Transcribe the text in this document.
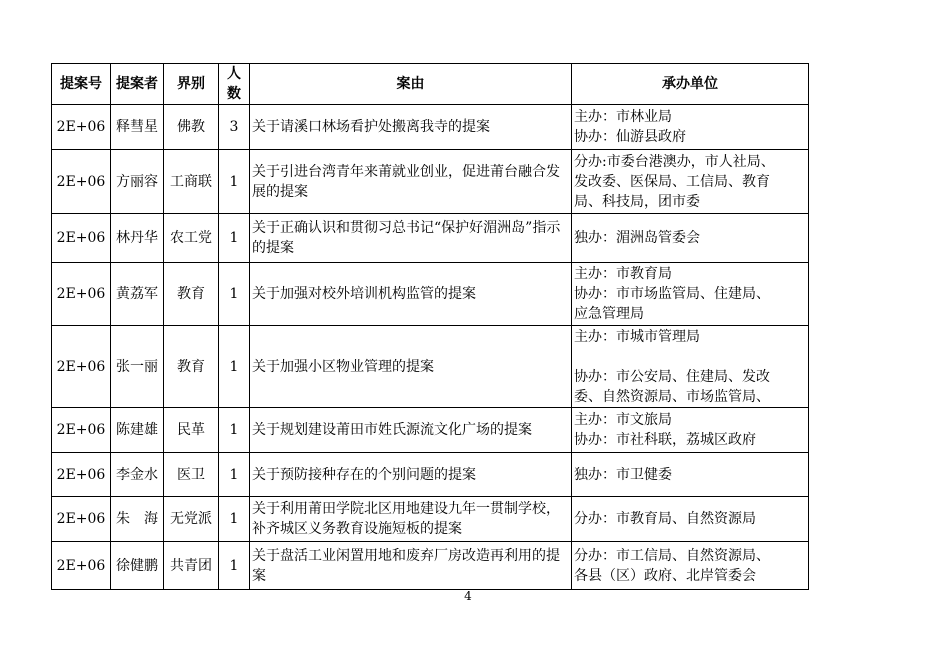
提案号	提案者	界别	人数	案由	承办单位
2E+06	释彗星	佛教	3	关于请溪口林场看护处搬离我寺的提案	主办：市林业局
协办：仙游县政府

2E+06	方丽容	工商联	1	关于引进台湾青年来莆就业创业，促进莆台融合发展的提案	分办:市委台港澳办，市人社局、
发改委、医保局、工信局、教育
局、科技局，团市委

2E+06	林丹华	农工党	1	关于正确认识和贯彻习总书记“保护好湄洲岛”指示的提案	独办：湄洲岛管委会

2E+06	黄荔军	教育	1	关于加强对校外培训机构监管的提案	主办：市教育局
协办：市市场监管局、住建局、
应急管理局

2E+06	张一丽	教育	1	关于加强小区物业管理的提案	主办：市城市管理局

协办：市公安局、住建局、发改
委、自然资源局、市场监管局、

2E+06	陈建雄	民革	1	关于规划建设莆田市姓氏源流文化广场的提案	主办：市文旅局
协办：市社科联，荔城区政府

2E+06	李金水	医卫	1	关于预防接种存在的个别问题的提案	独办：市卫健委

2E+06	朱　海	无党派	1	关于利用莆田学院北区用地建设九年一贯制学校，补齐城区义务教育设施短板的提案	分办：市教育局、自然资源局

2E+06	徐健鹏	共青团	1	关于盘活工业闲置用地和废弃厂房改造再利用的提案	分办：市工信局、自然资源局、
各县（区）政府、北岸管委会
4
